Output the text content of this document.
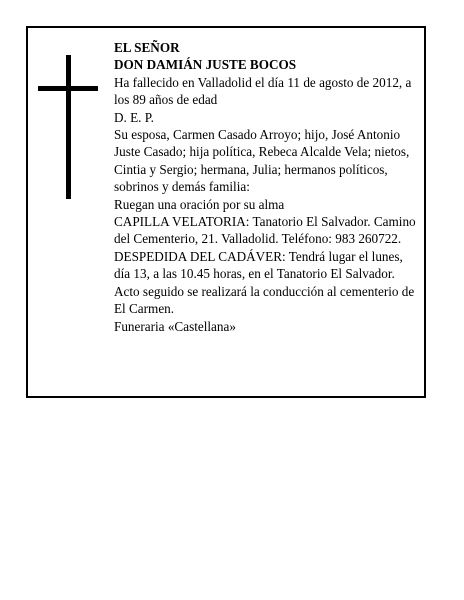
EL SEÑOR

DON DAMIÁN JUSTE BOCOS

Ha fallecido en Valladolid el día 11 de agosto de 2012, a los 89 años de edad

D. E. P.

Su esposa, Carmen Casado Arroyo; hijo, José Antonio Juste Casado; hija política, Rebeca Alcalde Vela; nietos, Cintia y Sergio; hermana, Julia; hermanos políticos, sobrinos y demás familia:

Ruegan una oración por su alma

CAPILLA VELATORIA: Tanatorio El Salvador. Camino del Cementerio, 21. Valladolid. Teléfono: 983 260722.

DESPEDIDA DEL CADÁVER: Tendrá lugar el lunes, día 13, a las 10.45 horas, en el Tanatorio El Salvador. Acto seguido se realizará la conducción al cementerio de El Carmen.

Funeraria «Castellana»
